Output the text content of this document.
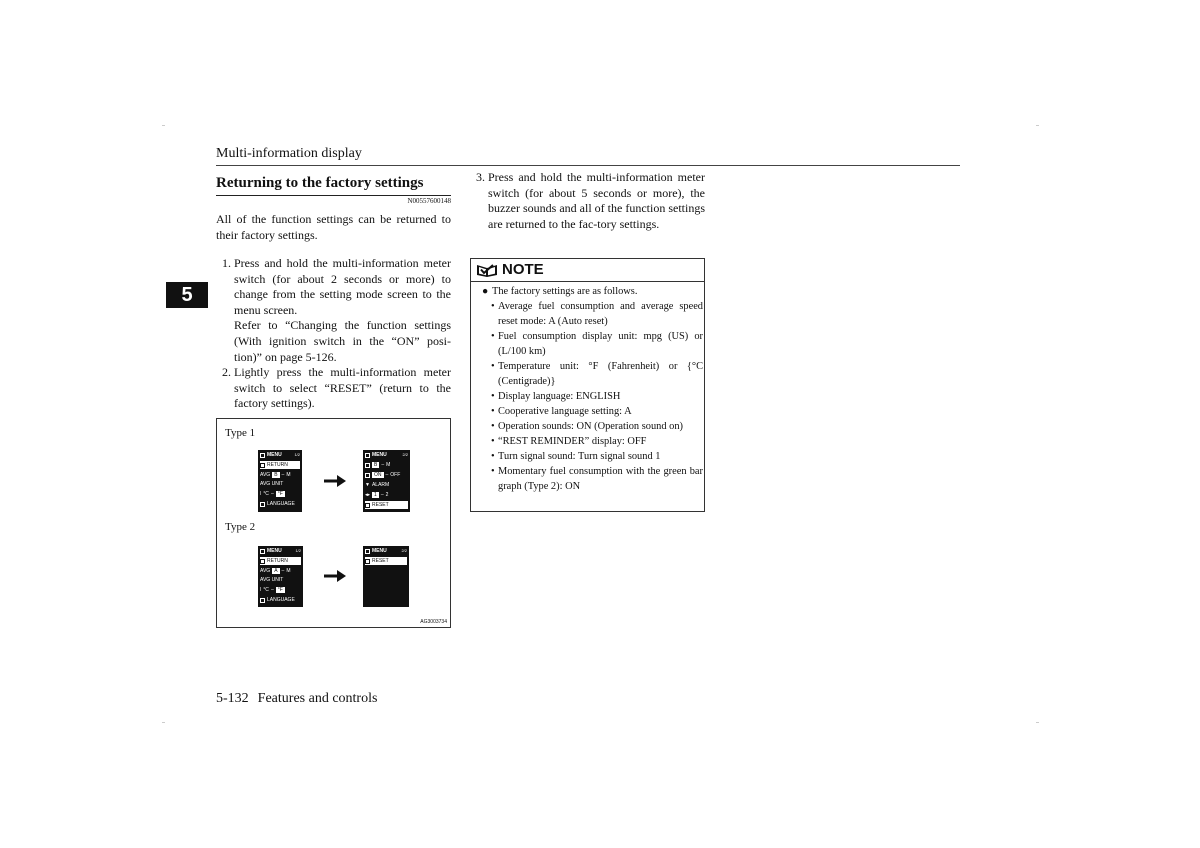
Multi-information display
5
Returning to the factory settings
N00557600148
All of the function settings can be returned to their factory settings.
1. Press and hold the multi-information meter switch (for about 2 seconds or more) to change from the setting mode screen to the menu screen.

Refer to “Changing the function settings (With ignition switch in the “ON” posi-tion)” on page 5-126.

2. Lightly press the multi-information meter switch to select “RESET” (return to the factory settings).
3. Press and hold the multi-information meter switch (for about 5 seconds or more), the buzzer sounds and all of the function settings are returned to the fac-tory settings.
Type 1
MENU	1/2
RETURN
AVG B – M
AVG UNIT
ǀ °C – °F
LANGUAGE
MENU	2/2
B – M
ON – OFF
▼ ALARM
◂▸ 1 – 2
RESET
Type 2
MENU	1/2
RETURN
AVG A – M
AVG UNIT
ǀ °C – °F
LANGUAGE
MENU	2/2
RESET
AG3003734
NOTE
● The factory settings are as follows.
• Average fuel consumption and average speed reset mode: A (Auto reset)
• Fuel consumption display unit: mpg (US) or (L/100 km)
• Temperature unit: °F (Fahrenheit) or {°C (Centigrade)}
• Display language: ENGLISH
• Cooperative language setting: A
• Operation sounds: ON (Operation sound on)
• “REST REMINDER” display: OFF
• Turn signal sound: Turn signal sound 1
• Momentary fuel consumption with the green bar graph (Type 2): ON
5-132 Features and controls
